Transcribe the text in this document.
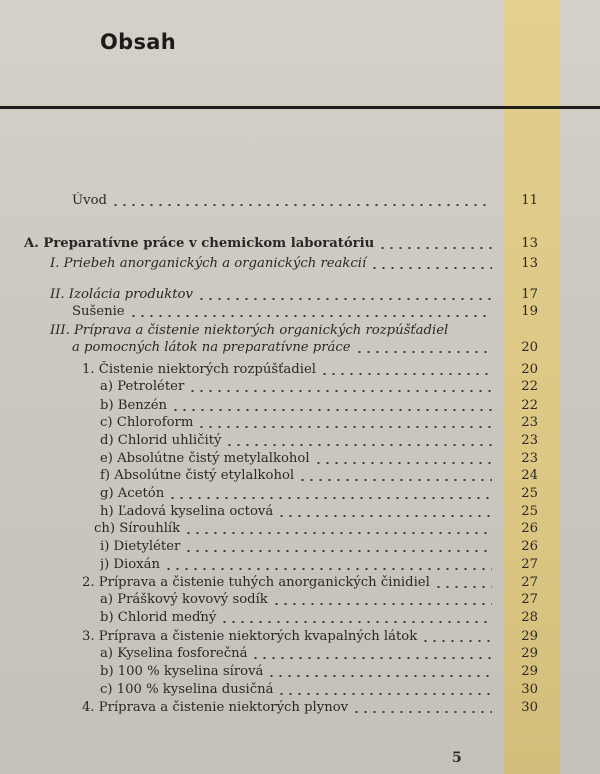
Obsah
Úvod	11
A. Preparatívne práce v chemickom laboratóriu	13
I. Priebeh anorganických a organických reakcií	13
II. Izolácia produktov	17
Sušenie	19
III. Príprava a čistenie niektorých organických rozpúšťadiel
a pomocných látok na preparatívne práce	20
1. Čistenie niektorých rozpúšťadiel	20
a) Petroléter	22
b) Benzén	22
c) Chloroform	23
d) Chlorid uhličitý	23
e) Absolútne čistý metylalkohol	23
f) Absolútne čistý etylalkohol	24
g) Acetón	25
h) Ľadová kyselina octová	25
ch) Sírouhlík	26
i) Dietyléter	26
j) Dioxán	27
2. Príprava a čistenie tuhých anorganických činidiel	27
a) Práškový kovový sodík	27
b) Chlorid meďný	28
3. Príprava a čistenie niektorých kvapalných látok	29
a) Kyselina fosforečná	29
b) 100 % kyselina sírová	29
c) 100 % kyselina dusičná	30
4. Príprava a čistenie niektorých plynov	30
5
